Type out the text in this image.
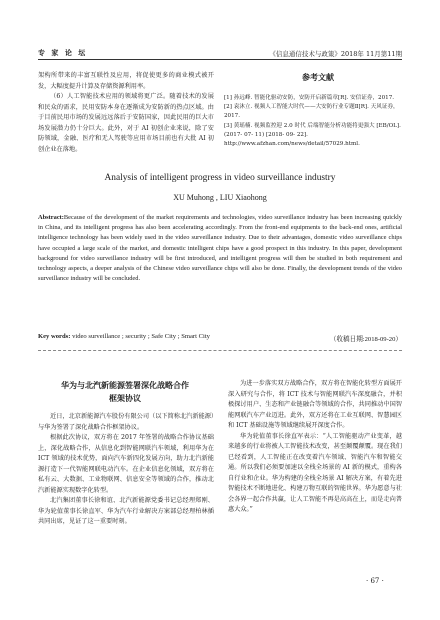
专 家 论 坛	《信息通信技术与政策》2018年 11月第11期

架构所带来的丰富互联性及应用，将促使更多的商业模式被开发，大幅度提升计算及存储资源利用率。

（6）人工智能技术应用的领域将更广泛。随着技术的发展和民众的需求，民用安防本身在逐渐成为安防新的热点区域。由于目前民用市场的发展远远落后于安防国家，因此民用的巨大市场发展潜力仍十分巨大。此外，对于 AI 初创企业来说，除了安防领域，金融、医疗和无人驾驶等应用市场目前也有大批 AI 初创企业在落地。

参考文献
[1] 孙远峰. 智能化驱动安防，安防开启新篇章[R]. 安信证券，2017.
[2] 袁沐立. 视频人工智能大时代——大安防行业专题Ⅱ[R]. 天风证券，2017.
[3] 黄瑶楠. 视频监控迎 2.0 时代 后端智能分析功能将更强大 [EB/OL]. (2017- 07- 11) [2018- 09- 22]. http://www.afzhan.com/news/detail/57029.html.
Analysis of intelligent progress in video surveillance industry
XU Muhong , LIU Xiaohong
Abstract:Because of the development of the market requirements and technologies, video surveillance industry has been increasing quickly in China, and its intelligent progress has also been accelerating accordingly. From the front-end equipments to the back-end ones, artificial intelligence technology has been widely used in the video surveillance industry. Due to their advantages, domestic video surveillance chips have occupied a large scale of the market, and domestic intelligent chips have a good prospect in this industry. In this paper, development background for video surveillance industry will be first introduced, and intelligent progress will then be studied in both requirement and technology aspects, a deeper analysis of the Chinese video surveillance chips will also be done. Finally, the development trends of the video surveillance industry will be concluded.
Key words: video surveillance ; security ; Safe City ; Smart City	（收稿日期:2018-09-20）
华为与北汽新能源签署深化战略合作
框架协议

近日，北京新能源汽车股份有限公司（以下简称北汽新能源）与华为签署了深化战略合作框架协议。

根据此次协议，双方将在 2017 年签署的战略合作协议基础上，深化战略合作，从信息化到智能网联汽车领域，利用华为在 ICT 领域的技术优势，面向汽车新四化发展方向，助力北汽新能源打造下一代智能网联电动汽车。在企业信息化领域，双方将在私有云、大数据、工业物联网、信息安全等领域的合作，推动北汽新能源实现数字化转型。

北汽集团董事长徐和谊、北汽新能源党委书记总经理郑刚、华为轮值董事长徐直军、华为汽车行业解决方案部总经理柏林插共同出席，见证了这一重要时刻。

为进一步落实双方战略合作，双方将在智能化转型方面展开深入研究与合作，将 ICT 技术与智能网联汽车深度融合，并积极探讨用户、生态和产业链融合等领域的合作，共同推动中国智能网联汽车产业迈进。此外，双方还将在工业互联网、智慧园区和 ICT 基础设施等领域继续展开深度合作。

华为轮值董事长徐直军表示：“人工智能驱动产业变革，越来越多的行业将被人工智能技术改变，甚至颠覆颠覆。现在我们已经看到，人工智能正在改变着汽车领域、智能汽车和智能交通。所以我们必须要加速以全栈全场景的 AI 新的模式，重构各自行业和企业。华为构建的全栈全场景 AI 解决方案，有着先进智能技术不断地进化、构建万物互联的智能世界。华为愿意与社会各界一起合作共赢，让人工智能不再是高高在上，而是走向普惠大众。”

· 67 ·
